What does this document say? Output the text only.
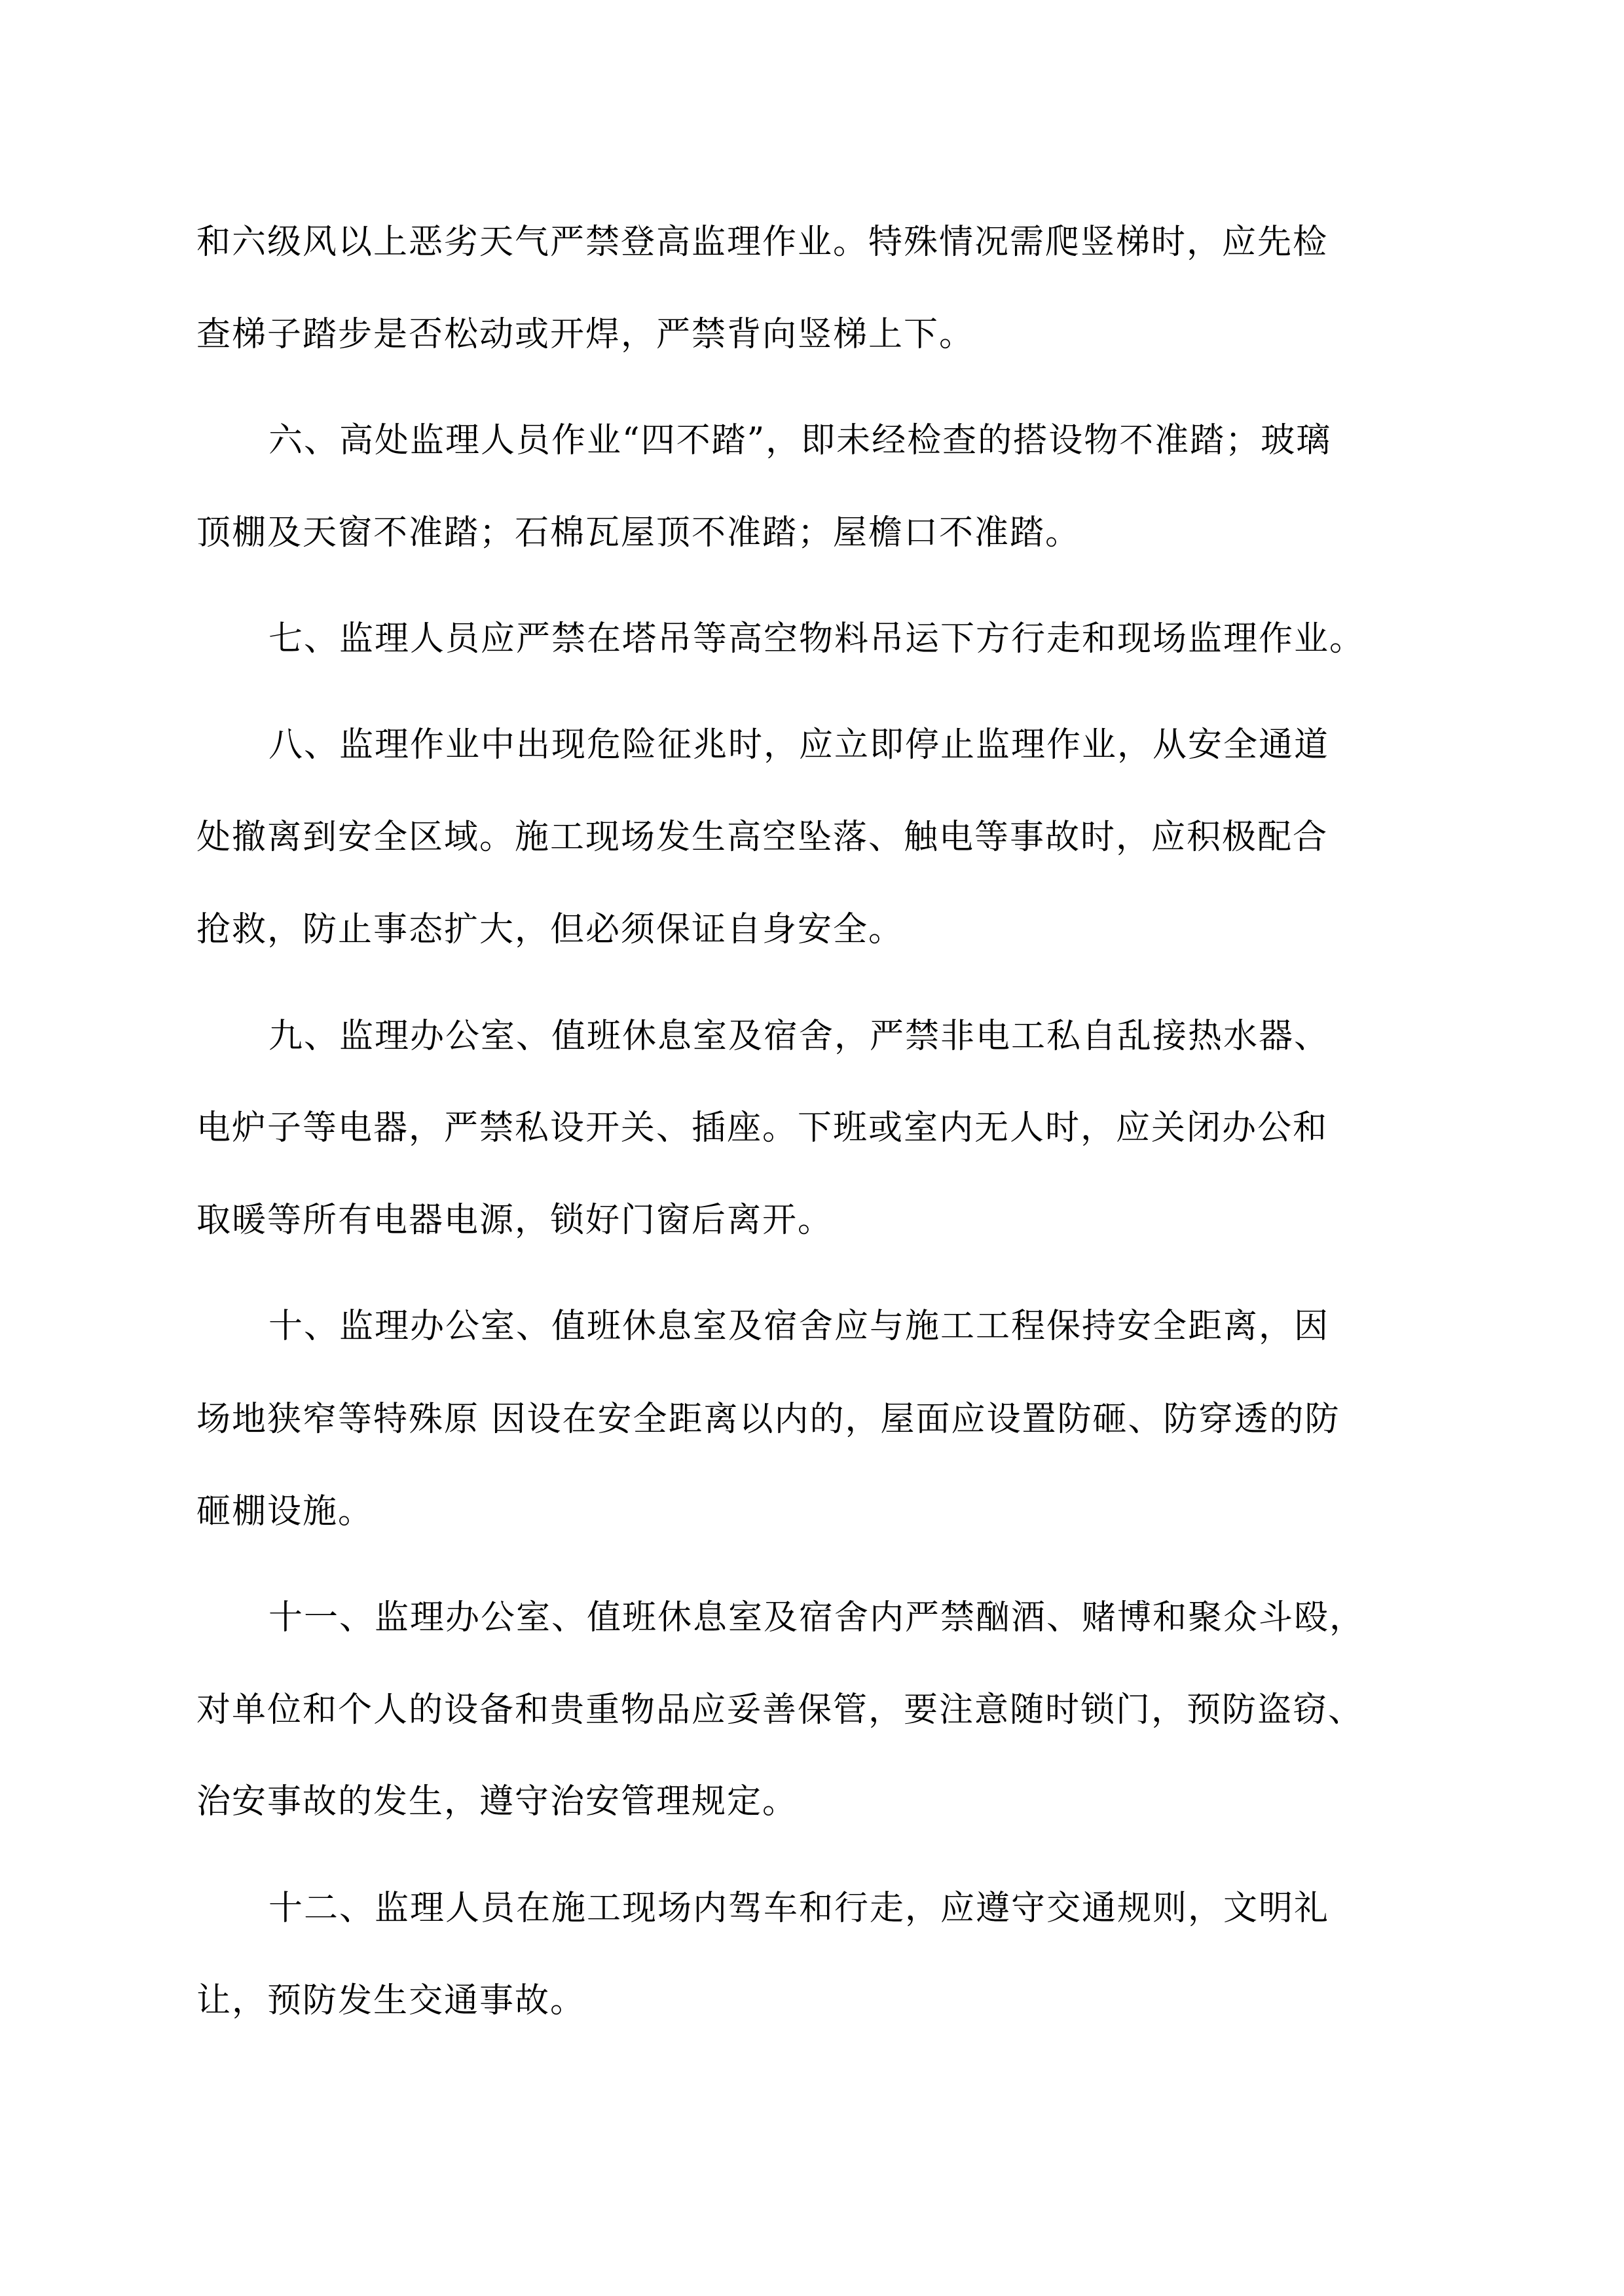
和六级风以上恶劣天气严禁登高监理作业。特殊情况需爬竖梯时，应先检
查梯子踏步是否松动或开焊，严禁背向竖梯上下。
六、高处监理人员作业“四不踏”，即未经检查的搭设物不准踏；玻璃
顶棚及天窗不准踏；石棉瓦屋顶不准踏；屋檐口不准踏。
七、监理人员应严禁在塔吊等高空物料吊运下方行走和现场监理作业。
八、监理作业中出现危险征兆时，应立即停止监理作业，从安全通道
处撤离到安全区域。施工现场发生高空坠落、触电等事故时，应积极配合
抢救，防止事态扩大，但必须保证自身安全。
九、监理办公室、值班休息室及宿舍，严禁非电工私自乱接热水器、
电炉子等电器，严禁私设开关、插座。下班或室内无人时，应关闭办公和
取暖等所有电器电源，锁好门窗后离开。
十、监理办公室、值班休息室及宿舍应与施工工程保持安全距离，因
场地狭窄等特殊原 因设在安全距离以内的，屋面应设置防砸、防穿透的防
砸棚设施。
十一、监理办公室、值班休息室及宿舍内严禁酗酒、赌博和聚众斗殴，
对单位和个人的设备和贵重物品应妥善保管，要注意随时锁门，预防盗窃、
治安事故的发生，遵守治安管理规定。
十二、监理人员在施工现场内驾车和行走，应遵守交通规则，文明礼
让，预防发生交通事故。
